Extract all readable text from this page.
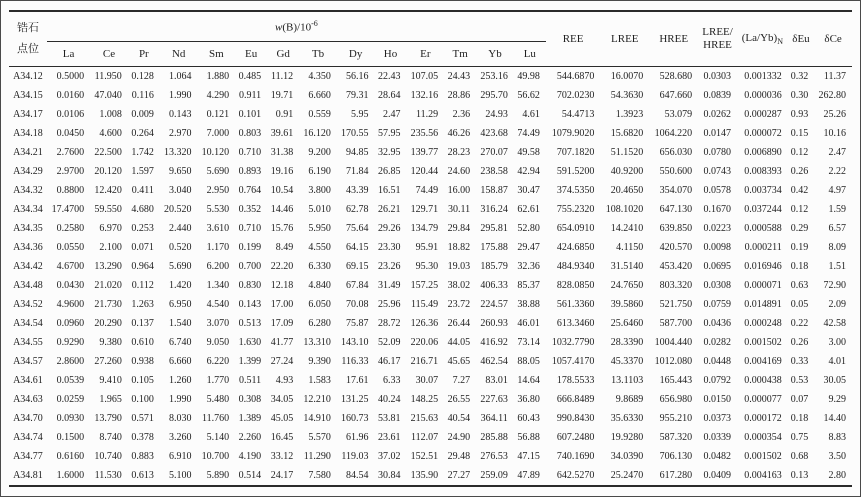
锆石
点位
	$w(B)/10^{-6}$	REE	LREE	HREE	
LREE/
HREE
	$(La/Yb)_N$	δEu	δCe
	La	Ce	Pr	Nd	Sm	Eu	Gd	Tb	Dy	Ho	Er	Tm	Yb	Lu							
A34.12	0.5000	11.950	0.128	1.064	1.880	0.485	11.12	4.350	56.16	22.43	107.05	24.43	253.16	49.98	544.6870	16.0070	528.680	0.0303	0.001332	0.32	11.37
A34.15	0.0160	47.040	0.116	1.990	4.290	0.911	19.71	6.660	79.31	28.64	132.16	28.86	295.70	56.62	702.0230	54.3630	647.660	0.0839	0.000036	0.30	262.80
A34.17	0.0106	1.008	0.009	0.143	0.121	0.101	0.91	0.559	5.95	2.47	11.29	2.36	24.93	4.61	54.4713	1.3923	53.079	0.0262	0.000287	0.93	25.26
A34.18	0.0450	4.600	0.264	2.970	7.000	0.803	39.61	16.120	170.55	57.95	235.56	46.26	423.68	74.49	1079.9020	15.6820	1064.220	0.0147	0.000072	0.15	10.16
A34.21	2.7600	22.500	1.742	13.320	10.120	0.710	31.38	9.200	94.85	32.95	139.77	28.23	270.07	49.58	707.1820	51.1520	656.030	0.0780	0.006890	0.12	2.47
A34.29	2.9700	20.120	1.597	9.650	5.690	0.893	19.16	6.190	71.84	26.85	120.44	24.60	238.58	42.94	591.5200	40.9200	550.600	0.0743	0.008393	0.26	2.22
A34.32	0.8800	12.420	0.411	3.040	2.950	0.764	10.54	3.800	43.39	16.51	74.49	16.00	158.87	30.47	374.5350	20.4650	354.070	0.0578	0.003734	0.42	4.97
A34.34	17.4700	59.550	4.680	20.520	5.530	0.352	14.46	5.010	62.78	26.21	129.71	30.11	316.24	62.61	755.2320	108.1020	647.130	0.1670	0.037244	0.12	1.59
A34.35	0.2580	6.970	0.253	2.440	3.610	0.710	15.76	5.950	75.64	29.26	134.79	29.84	295.81	52.80	654.0910	14.2410	639.850	0.0223	0.000588	0.29	6.57
A34.36	0.0550	2.100	0.071	0.520	1.170	0.199	8.49	4.550	64.15	23.30	95.91	18.82	175.88	29.47	424.6850	4.1150	420.570	0.0098	0.000211	0.19	8.09
A34.42	4.6700	13.290	0.964	5.690	6.200	0.700	22.20	6.330	69.15	23.26	95.30	19.03	185.79	32.36	484.9340	31.5140	453.420	0.0695	0.016946	0.18	1.51
A34.48	0.0430	21.020	0.112	1.420	1.340	0.830	12.18	4.840	67.84	31.49	157.25	38.02	406.33	85.37	828.0850	24.7650	803.320	0.0308	0.000071	0.63	72.90
A34.52	4.9600	21.730	1.263	6.950	4.540	0.143	17.00	6.050	70.08	25.96	115.49	23.72	224.57	38.88	561.3360	39.5860	521.750	0.0759	0.014891	0.05	2.09
A34.54	0.0960	20.290	0.137	1.540	3.070	0.513	17.09	6.280	75.87	28.72	126.36	26.44	260.93	46.01	613.3460	25.6460	587.700	0.0436	0.000248	0.22	42.58
A34.55	0.9290	9.380	0.610	6.740	9.050	1.630	41.77	13.310	143.10	52.09	220.06	44.05	416.92	73.14	1032.7790	28.3390	1004.440	0.0282	0.001502	0.26	3.00
A34.57	2.8600	27.260	0.938	6.660	6.220	1.399	27.24	9.390	116.33	46.17	216.71	45.65	462.54	88.05	1057.4170	45.3370	1012.080	0.0448	0.004169	0.33	4.01
A34.61	0.0539	9.410	0.105	1.260	1.770	0.511	4.93	1.583	17.61	6.33	30.07	7.27	83.01	14.64	178.5533	13.1103	165.443	0.0792	0.000438	0.53	30.05
A34.63	0.0259	1.965	0.100	1.990	5.480	0.308	34.05	12.210	131.25	40.24	148.25	26.55	227.63	36.80	666.8489	9.8689	656.980	0.0150	0.000077	0.07	9.29
A34.70	0.0930	13.790	0.571	8.030	11.760	1.389	45.05	14.910	160.73	53.81	215.63	40.54	364.11	60.43	990.8430	35.6330	955.210	0.0373	0.000172	0.18	14.40
A34.74	0.1500	8.740	0.378	3.260	5.140	2.260	16.45	5.570	61.96	23.61	112.07	24.90	285.88	56.88	607.2480	19.9280	587.320	0.0339	0.000354	0.75	8.83
A34.77	0.6160	10.740	0.883	6.910	10.700	4.190	33.12	11.290	119.03	37.02	152.51	29.48	276.53	47.15	740.1690	34.0390	706.130	0.0482	0.001502	0.68	3.50
A34.81	1.6000	11.530	0.613	5.100	5.890	0.514	24.17	7.580	84.54	30.84	135.90	27.27	259.09	47.89	642.5270	25.2470	617.280	0.0409	0.004163	0.13	2.80
